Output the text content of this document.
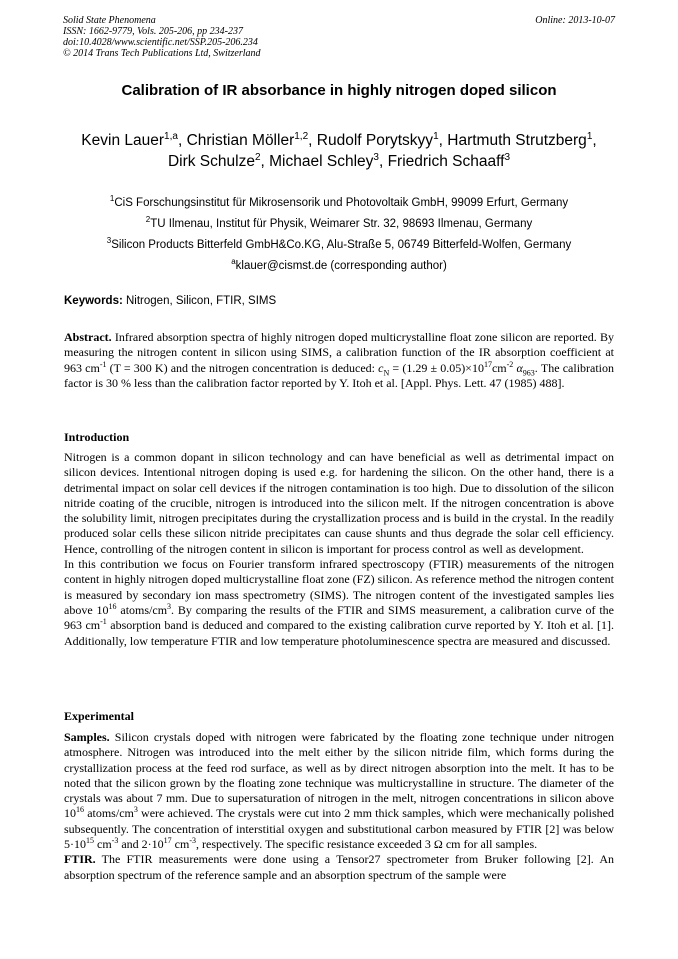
Solid State Phenomena
ISSN: 1662-9779, Vols. 205-206, pp 234-237
doi:10.4028/www.scientific.net/SSP.205-206.234
© 2014 Trans Tech Publications Ltd, Switzerland
Online: 2013-10-07
Calibration of IR absorbance in highly nitrogen doped silicon
Kevin Lauer$^{1,a}$, Christian Möller$^{1,2}$, Rudolf Porytskyy$^1$, Hartmuth Strutzberg$^1$,
Dirk Schulze$^2$, Michael Schley$^3$, Friedrich Schaaff$^3$
$^1$CiS Forschungsinstitut für Mikrosensorik und Photovoltaik GmbH, 99099 Erfurt, Germany
$^2$TU Ilmenau, Institut für Physik, Weimarer Str. 32, 98693 Ilmenau, Germany
$^3$Silicon Products Bitterfeld GmbH&Co.KG, Alu-Straße 5, 06749 Bitterfeld-Wolfen, Germany
$^a$klauer@cismst.de (corresponding author)
Keywords: Nitrogen, Silicon, FTIR, SIMS

Abstract. Infrared absorption spectra of highly nitrogen doped multicrystalline float zone silicon are reported. By measuring the nitrogen content in silicon using SIMS, a calibration function of the IR absorption coefficient at 963 $cm^{-1}$ (T = 300 K) and the nitrogen concentration is deduced: $c_N = (1.29 \pm 0.05)\times 10^{17}cm^{-2}$ $\alpha_{963}$. The calibration factor is 30 % less than the calibration factor reported by Y. Itoh et al. [Appl. Phys. Lett. 47 (1985) 488].

Introduction

Nitrogen is a common dopant in silicon technology and can have beneficial as well as detrimental impact on silicon devices. Intentional nitrogen doping is used e.g. for hardening the silicon. On the other hand, there is a detrimental impact on solar cell devices if the nitrogen contamination is too high. Due to dissolution of the silicon nitride coating of the crucible, nitrogen is introduced into the silicon melt. If the nitrogen concentration is above the solubility limit, nitrogen precipitates during the crystallization process and is build in the crystal. In the readily produced solar cells these silicon nitride precipitates can cause shunts and thus degrade the solar cell efficiency. Hence, controlling of the nitrogen content in silicon is important for process control as well as development.

In this contribution we focus on Fourier transform infrared spectroscopy (FTIR) measurements of the nitrogen content in highly nitrogen doped multicrystalline float zone (FZ) silicon. As reference method the nitrogen content is measured by secondary ion mass spectrometry (SIMS). The nitrogen content of the investigated samples lies above $10^{16}$ atoms/$cm^3$. By comparing the results of the FTIR and SIMS measurement, a calibration curve of the 963 $cm^{-1}$ absorption band is deduced and compared to the existing calibration curve reported by Y. Itoh et al. [1]. Additionally, low temperature FTIR and low temperature photoluminescence spectra are measured and discussed.

Experimental

Samples. Silicon crystals doped with nitrogen were fabricated by the floating zone technique under nitrogen atmosphere. Nitrogen was introduced into the melt either by the silicon nitride film, which forms during the crystallization process at the feed rod surface, as well as by direct nitrogen absorption into the melt. It has to be noted that the silicon grown by the floating zone technique was multicrystalline in structure. The diameter of the crystals was about 7 mm. Due to supersaturation of nitrogen in the melt, nitrogen concentrations in silicon above $10^{16}$ atoms/$cm^3$ were achieved. The crystals were cut into 2 mm thick samples, which were mechanically polished subsequently. The concentration of interstitial oxygen and substitutional carbon measured by FTIR [2] was below $5\cdot 10^{15}$ $cm^{-3}$ and $2\cdot 10^{17}$ $cm^{-3}$, respectively. The specific resistance exceeded 3 Ω cm for all samples.

FTIR. The FTIR measurements were done using a Tensor27 spectrometer from Bruker following [2]. An absorption spectrum of the reference sample and an absorption spectrum of the sample were
